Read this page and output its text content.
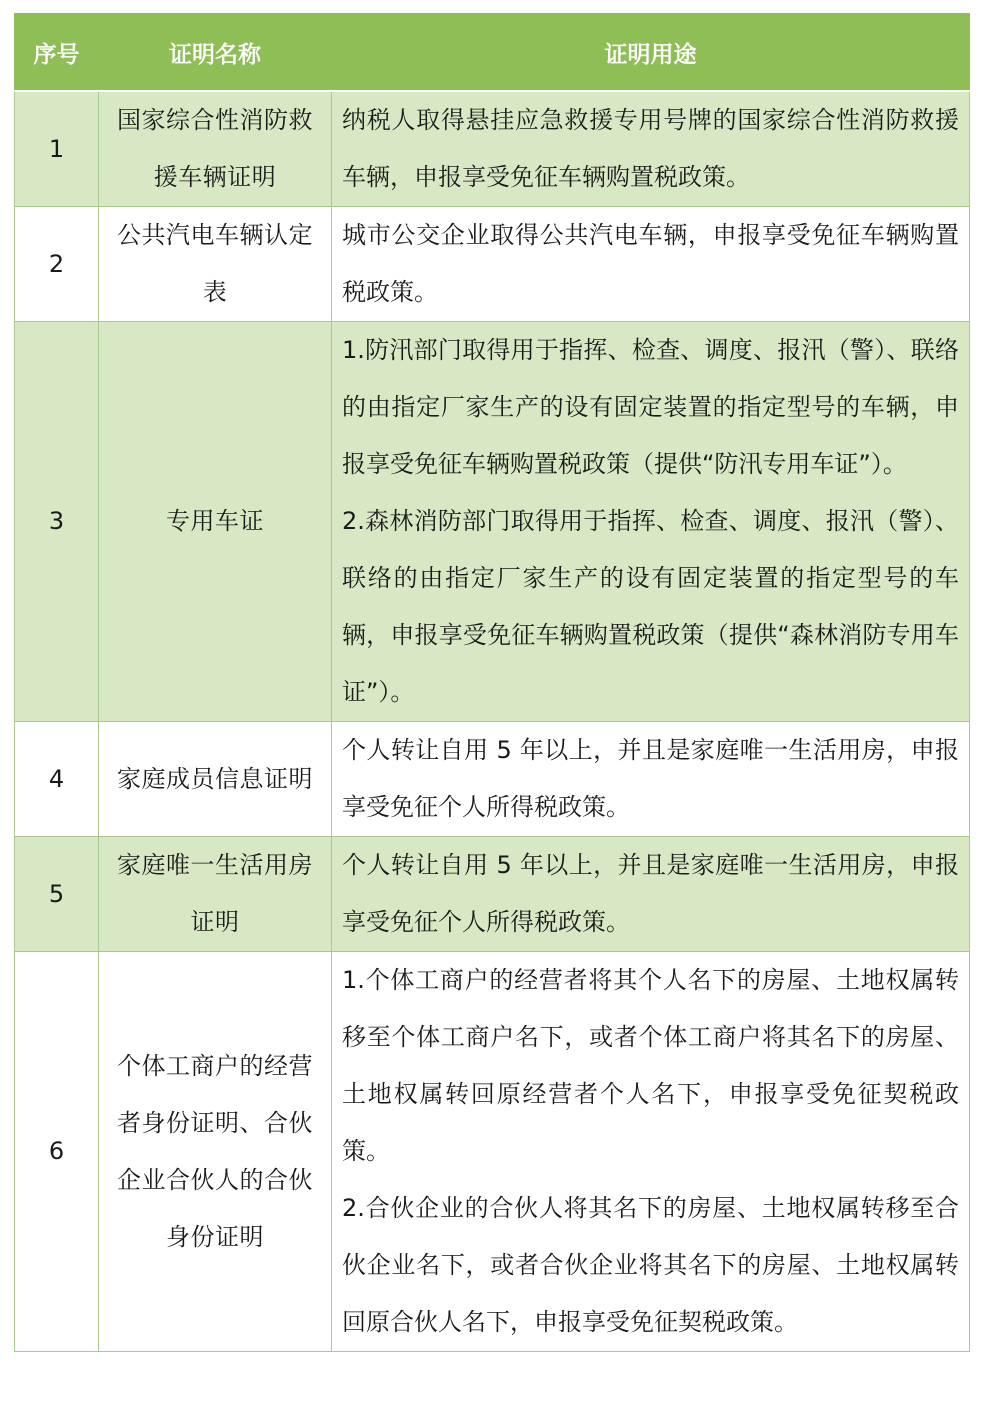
序号	证明名称	证明用途
1	国家综合性消防救援车辆证明	纳税人取得悬挂应急救援专用号牌的国家综合性消防救援车辆，申报享受免征车辆购置税政策。

2	公共汽电车辆认定表	城市公交企业取得公共汽电车辆，申报享受免征车辆购置税政策。

3	专用车证	1.防汛部门取得用于指挥、检查、调度、报汛（警）、联络的由指定厂家生产的设有固定装置的指定型号的车辆，申报享受免征车辆购置税政策（提供“防汛专用车证”）。
2.森林消防部门取得用于指挥、检查、调度、报汛（警）、联络的由指定厂家生产的设有固定装置的指定型号的车辆，申报享受免征车辆购置税政策（提供“森林消防专用车证”）。

4	家庭成员信息证明	个人转让自用 5 年以上，并且是家庭唯一生活用房，申报享受免征个人所得税政策。

5	家庭唯一生活用房证明	个人转让自用 5 年以上，并且是家庭唯一生活用房，申报享受免征个人所得税政策。

6	个体工商户的经营者身份证明、合伙企业合伙人的合伙身份证明	1.个体工商户的经营者将其个人名下的房屋、土地权属转移至个体工商户名下，或者个体工商户将其名下的房屋、土地权属转回原经营者个人名下，申报享受免征契税政策。
2.合伙企业的合伙人将其名下的房屋、土地权属转移至合伙企业名下，或者合伙企业将其名下的房屋、土地权属转回原合伙人名下，申报享受免征契税政策。
